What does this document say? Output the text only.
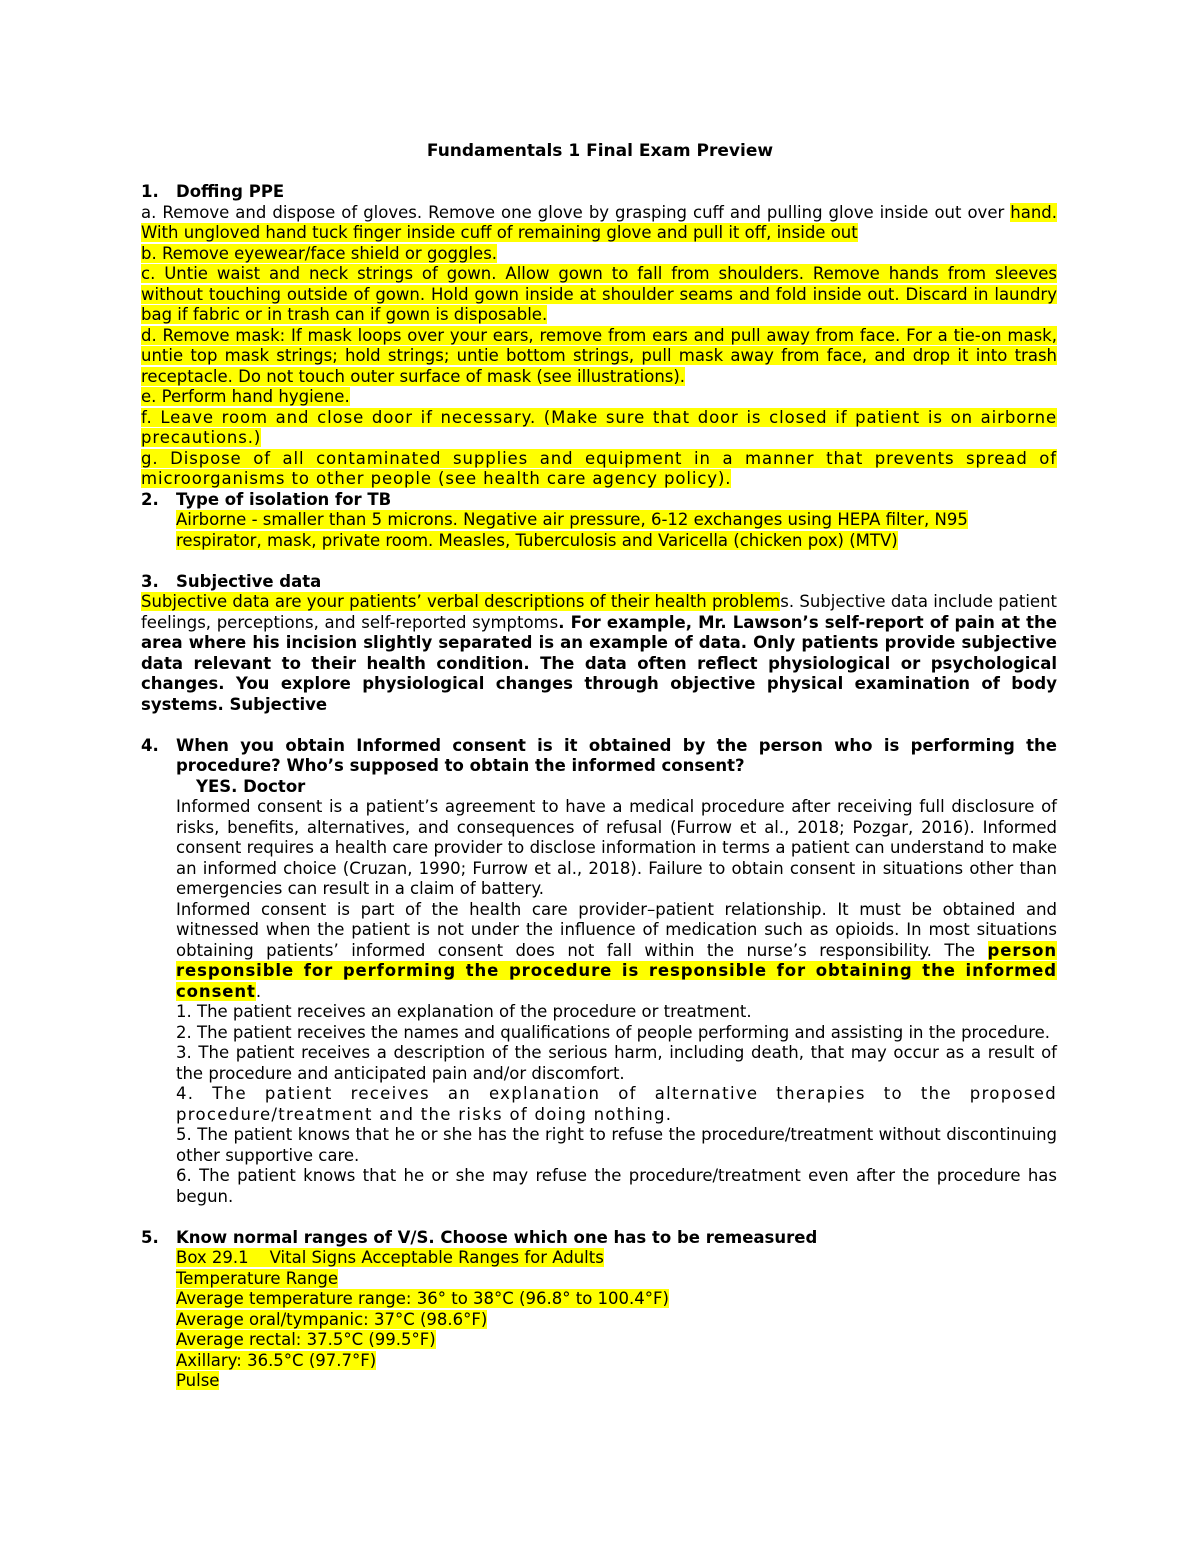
Fundamentals 1 Final Exam Preview
1. Doffing PPE
a. Remove and dispose of gloves. Remove one glove by grasping cuff and pulling glove inside out over hand. With ungloved hand tuck finger inside cuff of remaining glove and pull it off, inside out
b. Remove eyewear/face shield or goggles.
c. Untie waist and neck strings of gown. Allow gown to fall from shoulders. Remove hands from sleeves without touching outside of gown. Hold gown inside at shoulder seams and fold inside out. Discard in laundry bag if fabric or in trash can if gown is disposable.
d. Remove mask: If mask loops over your ears, remove from ears and pull away from face. For a tie-on mask, untie top mask strings; hold strings; untie bottom strings, pull mask away from face, and drop it into trash receptacle. Do not touch outer surface of mask (see illustrations).
e. Perform hand hygiene.
f. Leave room and close door if necessary. (Make sure that door is closed if patient is on airborne precautions.)
g. Dispose of all contaminated supplies and equipment in a manner that prevents spread of microorganisms to other people (see health care agency policy).
2. Type of isolation for TB
Airborne - smaller than 5 microns. Negative air pressure, 6-12 exchanges using HEPA filter, N95 respirator, mask, private room. Measles, Tuberculosis and Varicella (chicken pox) (MTV)
3. Subjective data
Subjective data are your patients’ verbal descriptions of their health problems. Subjective data include patient feelings, perceptions, and self-reported symptoms. For example, Mr. Lawson’s self-report of pain at the area where his incision slightly separated is an example of data. Only patients provide subjective data relevant to their health condition. The data often reflect physiological or psychological changes. You explore physiological changes through objective physical examination of body systems. Subjective
4. When you obtain Informed consent is it obtained by the person who is performing the procedure? Who’s supposed to obtain the informed consent?
YES. Doctor
Informed consent is a patient’s agreement to have a medical procedure after receiving full disclosure of risks, benefits, alternatives, and consequences of refusal (Furrow et al., 2018; Pozgar, 2016). Informed consent requires a health care provider to disclose information in terms a patient can understand to make an informed choice (Cruzan, 1990; Furrow et al., 2018). Failure to obtain consent in situations other than emergencies can result in a claim of battery.
Informed consent is part of the health care provider–patient relationship. It must be obtained and witnessed when the patient is not under the influence of medication such as opioids. In most situations obtaining patients’ informed consent does not fall within the nurse’s responsibility. The person responsible for performing the procedure is responsible for obtaining the informed consent.
1. The patient receives an explanation of the procedure or treatment.
2. The patient receives the names and qualifications of people performing and assisting in the procedure.
3. The patient receives a description of the serious harm, including death, that may occur as a result of the procedure and anticipated pain and/or discomfort.
4. The patient receives an explanation of alternative therapies to the proposed procedure/treatment and the risks of doing nothing.
5. The patient knows that he or she has the right to refuse the procedure/treatment without discontinuing other supportive care.
6. The patient knows that he or she may refuse the procedure/treatment even after the procedure has begun.
5. Know normal ranges of V/S. Choose which one has to be remeasured
Box 29.1    Vital Signs Acceptable Ranges for Adults
Temperature Range
Average temperature range: 36° to 38°C (96.8° to 100.4°F)
Average oral/tympanic: 37°C (98.6°F)
Average rectal: 37.5°C (99.5°F)
Axillary: 36.5°C (97.7°F)
Pulse
